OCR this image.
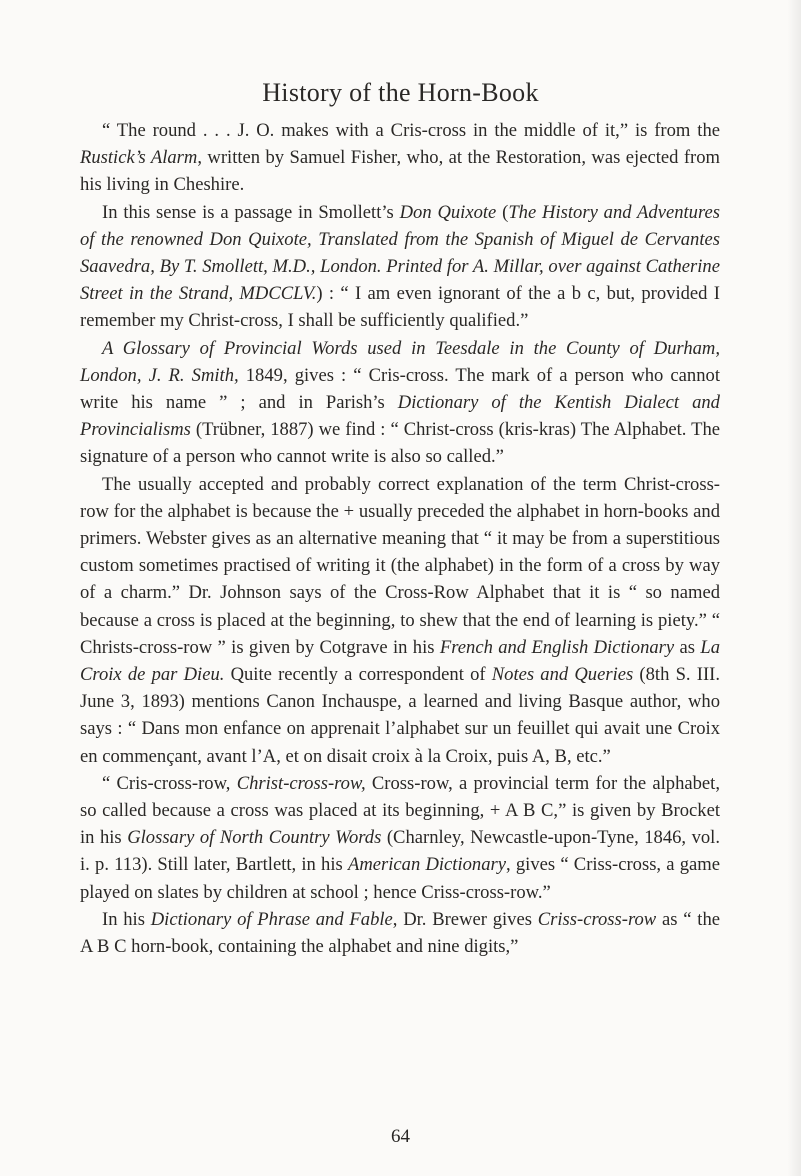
History of the Horn-Book

“ The round . . . J. O. makes with a Cris-cross in the middle of it,” is from the Rustick’s Alarm, written by Samuel Fisher, who, at the Restoration, was ejected from his living in Cheshire.

In this sense is a passage in Smollett’s Don Quixote (The History and Adventures of the renowned Don Quixote, Translated from the Spanish of Miguel de Cervantes Saavedra, By T. Smollett, M.D., London. Printed for A. Millar, over against Catherine Street in the Strand, MDCCLV.) : “ I am even ignorant of the a b c, but, provided I remember my Christ-cross, I shall be sufficiently qualified.”

A Glossary of Provincial Words used in Teesdale in the County of Durham, London, J. R. Smith, 1849, gives : “ Cris-cross. The mark of a person who cannot write his name ” ; and in Parish’s Dictionary of the Kentish Dialect and Provincialisms (Trübner, 1887) we find : “ Christ-cross (kris-kras) The Alphabet. The signature of a person who cannot write is also so called.”

The usually accepted and probably correct explanation of the term Christ-cross-row for the alphabet is because the + usually preceded the alphabet in horn-books and primers. Webster gives as an alternative meaning that “ it may be from a superstitious custom sometimes practised of writing it (the alphabet) in the form of a cross by way of a charm.” Dr. Johnson says of the Cross-Row Alphabet that it is “ so named because a cross is placed at the beginning, to shew that the end of learning is piety.” “ Christs-cross-row ” is given by Cotgrave in his French and English Dictionary as La Croix de par Dieu. Quite recently a correspondent of Notes and Queries (8th S. III. June 3, 1893) mentions Canon Inchauspe, a learned and living Basque author, who says : “ Dans mon enfance on apprenait l’alphabet sur un feuillet qui avait une Croix en commençant, avant l’A, et on disait croix à la Croix, puis A, B, etc.”

“ Cris-cross-row, Christ-cross-row, Cross-row, a provincial term for the alphabet, so called because a cross was placed at its beginning, + A B C,” is given by Brocket in his Glossary of North Country Words (Charnley, Newcastle-upon-Tyne, 1846, vol. i. p. 113). Still later, Bartlett, in his American Dictionary, gives “ Criss-cross, a game played on slates by children at school ; hence Criss-cross-row.”

In his Dictionary of Phrase and Fable, Dr. Brewer gives Criss-cross-row as “ the A B C horn-book, containing the alphabet and nine digits,”

64
